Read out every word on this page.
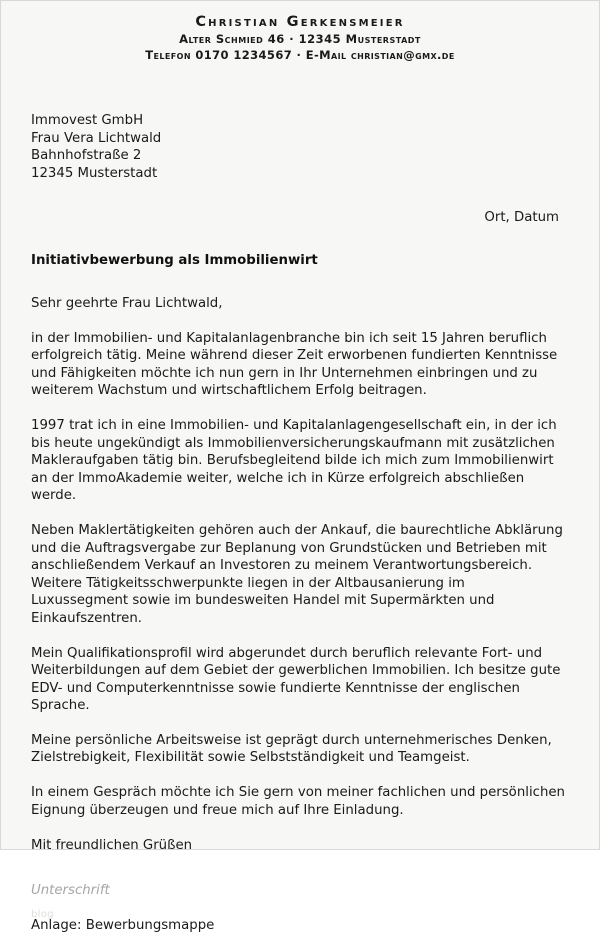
Christian Gerkensmeier
Alter Schmied 46 · 12345 Musterstadt
Telefon 0170 1234567 · E-Mail christian@gmx.de
Immovest GmbH
Frau Vera Lichtwald
Bahnhofstraße 2
12345 Musterstadt
Ort, Datum
Initiativbewerbung als Immobilienwirt
Sehr geehrte Frau Lichtwald,

in der Immobilien- und Kapitalanlagenbranche bin ich seit 15 Jahren beruflich erfolgreich tätig. Meine während dieser Zeit erworbenen fundierten Kenntnisse und Fähigkeiten möchte ich nun gern in Ihr Unternehmen einbringen und zu weiterem Wachstum und wirtschaftlichem Erfolg beitragen.

1997 trat ich in eine Immobilien- und Kapitalanlagengesellschaft ein, in der ich bis heute ungekündigt als Immobilienversicherungskaufmann mit zusätzlichen Makleraufgaben tätig bin. Berufsbegleitend bilde ich mich zum Immobilienwirt an der ImmoAkademie weiter, welche ich in Kürze erfolgreich abschließen werde.

Neben Maklertätigkeiten gehören auch der Ankauf, die baurechtliche Abklärung und die Auftragsvergabe zur Beplanung von Grundstücken und Betrieben mit anschließendem Verkauf an Investoren zu meinem Verantwortungsbereich. Weitere Tätigkeitsschwerpunkte liegen in der Altbausanierung im Luxussegment sowie im bundesweiten Handel mit Supermärkten und Einkaufszentren.

Mein Qualifikationsprofil wird abgerundet durch beruflich relevante Fort- und Weiterbildungen auf dem Gebiet der gewerblichen Immobilien. Ich besitze gute EDV- und Computerkenntnisse sowie fundierte Kenntnisse der englischen Sprache.

Meine persönliche Arbeitsweise ist geprägt durch unternehmerisches Denken, Zielstrebigkeit, Flexibilität sowie Selbstständigkeit und Teamgeist.

In einem Gespräch möchte ich Sie gern von meiner fachlichen und persönlichen Eignung überzeugen und freue mich auf Ihre Einladung.

Mit freundlichen Grüßen
Unterschrift
blog
Anlage: Bewerbungsmappe
